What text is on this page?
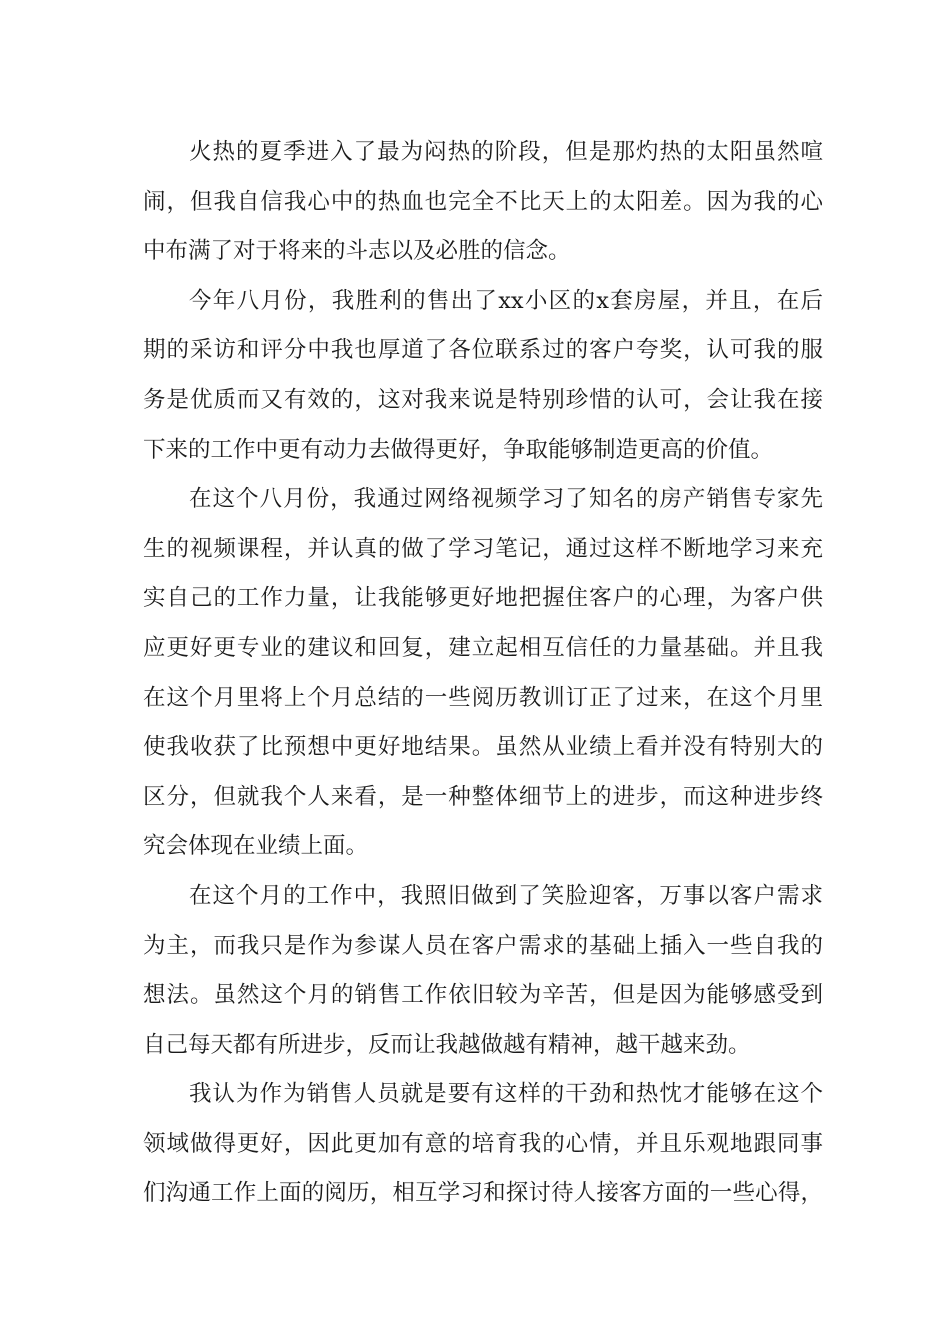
火热的夏季进入了最为闷热的阶段，但是那灼热的太阳虽然喧
闹，但我自信我心中的热血也完全不比天上的太阳差。因为我的心
中布满了对于将来的斗志以及必胜的信念。
今年八月份，我胜利的售出了xx小区的x套房屋，并且，在后
期的采访和评分中我也厚道了各位联系过的客户夸奖，认可我的服
务是优质而又有效的，这对我来说是特别珍惜的认可，会让我在接
下来的工作中更有动力去做得更好，争取能够制造更高的价值。
在这个八月份，我通过网络视频学习了知名的房产销售专家先
生的视频课程，并认真的做了学习笔记，通过这样不断地学习来充
实自己的工作力量，让我能够更好地把握住客户的心理，为客户供
应更好更专业的建议和回复，建立起相互信任的力量基础。并且我
在这个月里将上个月总结的一些阅历教训订正了过来，在这个月里
使我收获了比预想中更好地结果。虽然从业绩上看并没有特别大的
区分，但就我个人来看，是一种整体细节上的进步，而这种进步终
究会体现在业绩上面。
在这个月的工作中，我照旧做到了笑脸迎客，万事以客户需求
为主，而我只是作为参谋人员在客户需求的基础上插入一些自我的
想法。虽然这个月的销售工作依旧较为辛苦，但是因为能够感受到
自己每天都有所进步，反而让我越做越有精神，越干越来劲。
我认为作为销售人员就是要有这样的干劲和热忱才能够在这个
领域做得更好，因此更加有意的培育我的心情，并且乐观地跟同事
们沟通工作上面的阅历，相互学习和探讨待人接客方面的一些心得，
